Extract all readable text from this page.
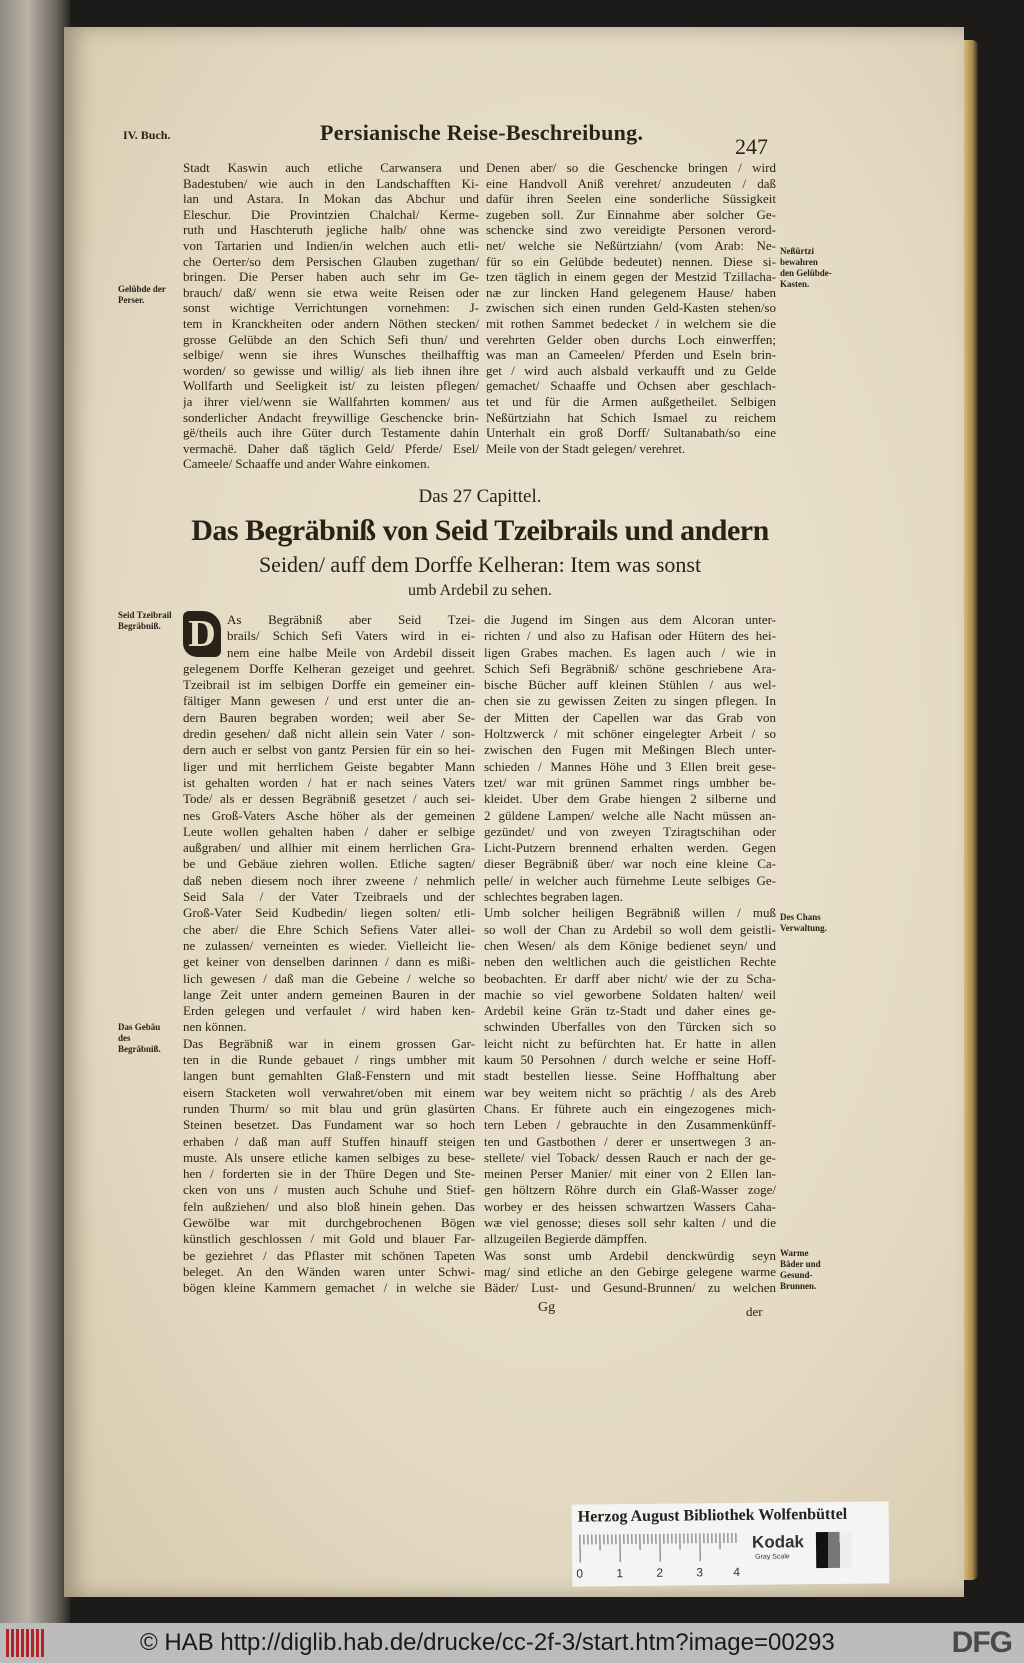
IV. Buch.	Persianische Reise-Beschreibung.
247
Stadt Kaswin auch etliche Carwansera und
Badestuben/ wie auch in den Landschafften Ki-
lan und Astara. In Mokan das Abchur und
Eleschur. Die Provintzien Chalchal/ Kerme-
ruth und Haschteruth jegliche halb/ ohne was
von Tartarien und Indien/in welchen auch etli-
che Oerter/so dem Persischen Glauben zugethan/
bringen. Die Perser haben auch sehr im Ge-
brauch/ daß/ wenn sie etwa weite Reisen oder
sonst wichtige Verrichtungen vornehmen: J-
tem in Kranckheiten oder andern Nöthen stecken/
grosse Gelübde an den Schich Sefi thun/ und
selbige/ wenn sie ihres Wunsches theilhafftig
worden/ so gewisse und willig/ als lieb ihnen ihre
Wollfarth und Seeligkeit ist/ zu leisten pflegen/
ja ihrer viel/wenn sie Wallfahrten kommen/ aus
sonderlicher Andacht freywillige Geschencke brin-
gë/theils auch ihre Güter durch Testamente dahin
vermachë. Daher daß täglich Geld/ Pferde/ Esel/
Cameele/ Schaaffe und ander Wahre einkomen.
Denen aber/ so die Geschencke bringen / wird
eine Handvoll Aniß verehret/ anzudeuten / daß
dafür ihren Seelen eine sonderliche Süssigkeit
zugeben soll. Zur Einnahme aber solcher Ge-
schencke sind zwo vereidigte Personen verord-
net/ welche sie Neßürtziahn/ (vom Arab: Ne-
für so ein Gelübde bedeutet) nennen. Diese si-
tzen täglich in einem gegen der Mestzid Tzillacha-
næ zur lincken Hand gelegenem Hause/ haben
zwischen sich einen runden Geld-Kasten stehen/so
mit rothen Sammet bedecket / in welchem sie die
verehrten Gelder oben durchs Loch einwerffen;
was man an Cameelen/ Pferden und Eseln brin-
get / wird auch alsbald verkaufft und zu Gelde
gemachet/ Schaaffe und Ochsen aber geschlach-
tet und für die Armen außgetheilet. Selbigen
Neßürtziahn hat Schich Ismael zu reichem
Unterhalt ein groß Dorff/ Sultanabath/so eine
Meile von der Stadt gelegen/ verehret.
Gelübde der Perser.
Neßürtzi bewahren den Gelübde-Kasten.
Das 27 Capittel.
Das Begräbniß von Seid Tzeibrails und andern
Seiden/ auff dem Dorffe Kelheran: Item was sonst
umb Ardebil zu sehen.
Seid Tzeibrail Begräbniß.
Das Gebäu des Begräbniß.
Des Chans Verwaltung.
Warme Bäder und Gesund-Brunnen.
D As Begräbniß aber Seid Tzei-
brails/ Schich Sefi Vaters wird in ei-
nem eine halbe Meile von Ardebil disseit
gelegenem Dorffe Kelheran gezeiget und geehret.
Tzeibrail ist im selbigen Dorffe ein gemeiner ein-
fältiger Mann gewesen / und erst unter die an-
dern Bauren begraben worden; weil aber Se-
dredin gesehen/ daß nicht allein sein Vater / son-
dern auch er selbst von gantz Persien für ein so hei-
liger und mit herrlichem Geiste begabter Mann
ist gehalten worden / hat er nach seines Vaters
Tode/ als er dessen Begräbniß gesetzet / auch sei-
nes Groß-Vaters Asche höher als der gemeinen
Leute wollen gehalten haben / daher er selbige
außgraben/ und allhier mit einem herrlichen Gra-
be und Gebäue ziehren wollen. Etliche sagten/
daß neben diesem noch ihrer zweene / nehmlich
Seid Sala / der Vater Tzeibraels und der
Groß-Vater Seid Kudbedin/ liegen solten/ etli-
che aber/ die Ehre Schich Sefiens Vater allei-
ne zulassen/ verneinten es wieder. Vielleicht lie-
get keiner von denselben darinnen / dann es mißi-
lich gewesen / daß man die Gebeine / welche so
lange Zeit unter andern gemeinen Bauren in der
Erden gelegen und verfaulet / wird haben ken-
nen können.
Das Begräbniß war in einem grossen Gar-
ten in die Runde gebauet / rings umbher mit
langen bunt gemahlten Glaß-Fenstern und mit
eisern Stacketen woll verwahret/oben mit einem
runden Thurm/ so mit blau und grün glasürten
Steinen besetzet. Das Fundament war so hoch
erhaben / daß man auff Stuffen hinauff steigen
muste. Als unsere etliche kamen selbiges zu bese-
hen / forderten sie in der Thüre Degen und Ste-
cken von uns / musten auch Schuhe und Stief-
feln außziehen/ und also bloß hinein gehen. Das
Gewölbe war mit durchgebrochenen Bögen
künstlich geschlossen / mit Gold und blauer Far-
be geziehret / das Pflaster mit schönen Tapeten
beleget. An den Wänden waren unter Schwi-
bögen kleine Kammern gemachet / in welche sie
die Jugend im Singen aus dem Alcoran unter-
richten / und also zu Hafisan oder Hütern des hei-
ligen Grabes machen. Es lagen auch / wie in
Schich Sefi Begräbniß/ schöne geschriebene Ara-
bische Bücher auff kleinen Stühlen / aus wel-
chen sie zu gewissen Zeiten zu singen pflegen. In
der Mitten der Capellen war das Grab von
Holtzwerck / mit schöner eingelegter Arbeit / so
zwischen den Fugen mit Meßingen Blech unter-
schieden / Mannes Höhe und 3 Ellen breit gese-
tzet/ war mit grünen Sammet rings umbher be-
kleidet. Uber dem Grabe hiengen 2 silberne und
2 güldene Lampen/ welche alle Nacht müssen an-
gezündet/ und von zweyen Tziragtschihan oder
Licht-Putzern brennend erhalten werden. Gegen
dieser Begräbniß über/ war noch eine kleine Ca-
pelle/ in welcher auch fürnehme Leute selbiges Ge-
schlechtes begraben lagen.
Umb solcher heiligen Begräbniß willen / muß
so woll der Chan zu Ardebil so woll dem geistli-
chen Wesen/ als dem Könige bedienet seyn/ und
neben den weltlichen auch die geistlichen Rechte
beobachten. Er darff aber nicht/ wie der zu Scha-
machie so viel geworbene Soldaten halten/ weil
Ardebil keine Grän tz-Stadt und daher eines ge-
schwinden Uberfalles von den Türcken sich so
leicht nicht zu befürchten hat. Er hatte in allen
kaum 50 Persohnen / durch welche er seine Hoff-
stadt bestellen liesse. Seine Hoffhaltung aber
war bey weitem nicht so prächtig / als des Areb
Chans. Er führete auch ein eingezogenes mich-
tern Leben / gebrauchte in den Zusammenkünff-
ten und Gastbothen / derer er unsertwegen 3 an-
stellete/ viel Toback/ dessen Rauch er nach der ge-
meinen Perser Manier/ mit einer von 2 Ellen lan-
gen höltzern Röhre durch ein Glaß-Wasser zoge/
worbey er des heissen schwartzen Wassers Caha-
wæ viel genosse; dieses soll sehr kalten / und die
allzugeilen Begierde dämpffen.
Was sonst umb Ardebil denckwürdig seyn
mag/ sind etliche an den Gebirge gelegene warme
Bäder/ Lust- und Gesund-Brunnen/ zu welchen
Gg	der
Herzog August Bibliothek Wolfenbüttel
0	1	2	3	4
Kodak
Gray Scale
© HAB http://diglib.hab.de/drucke/cc-2f-3/start.htm?image=00293	DFG
